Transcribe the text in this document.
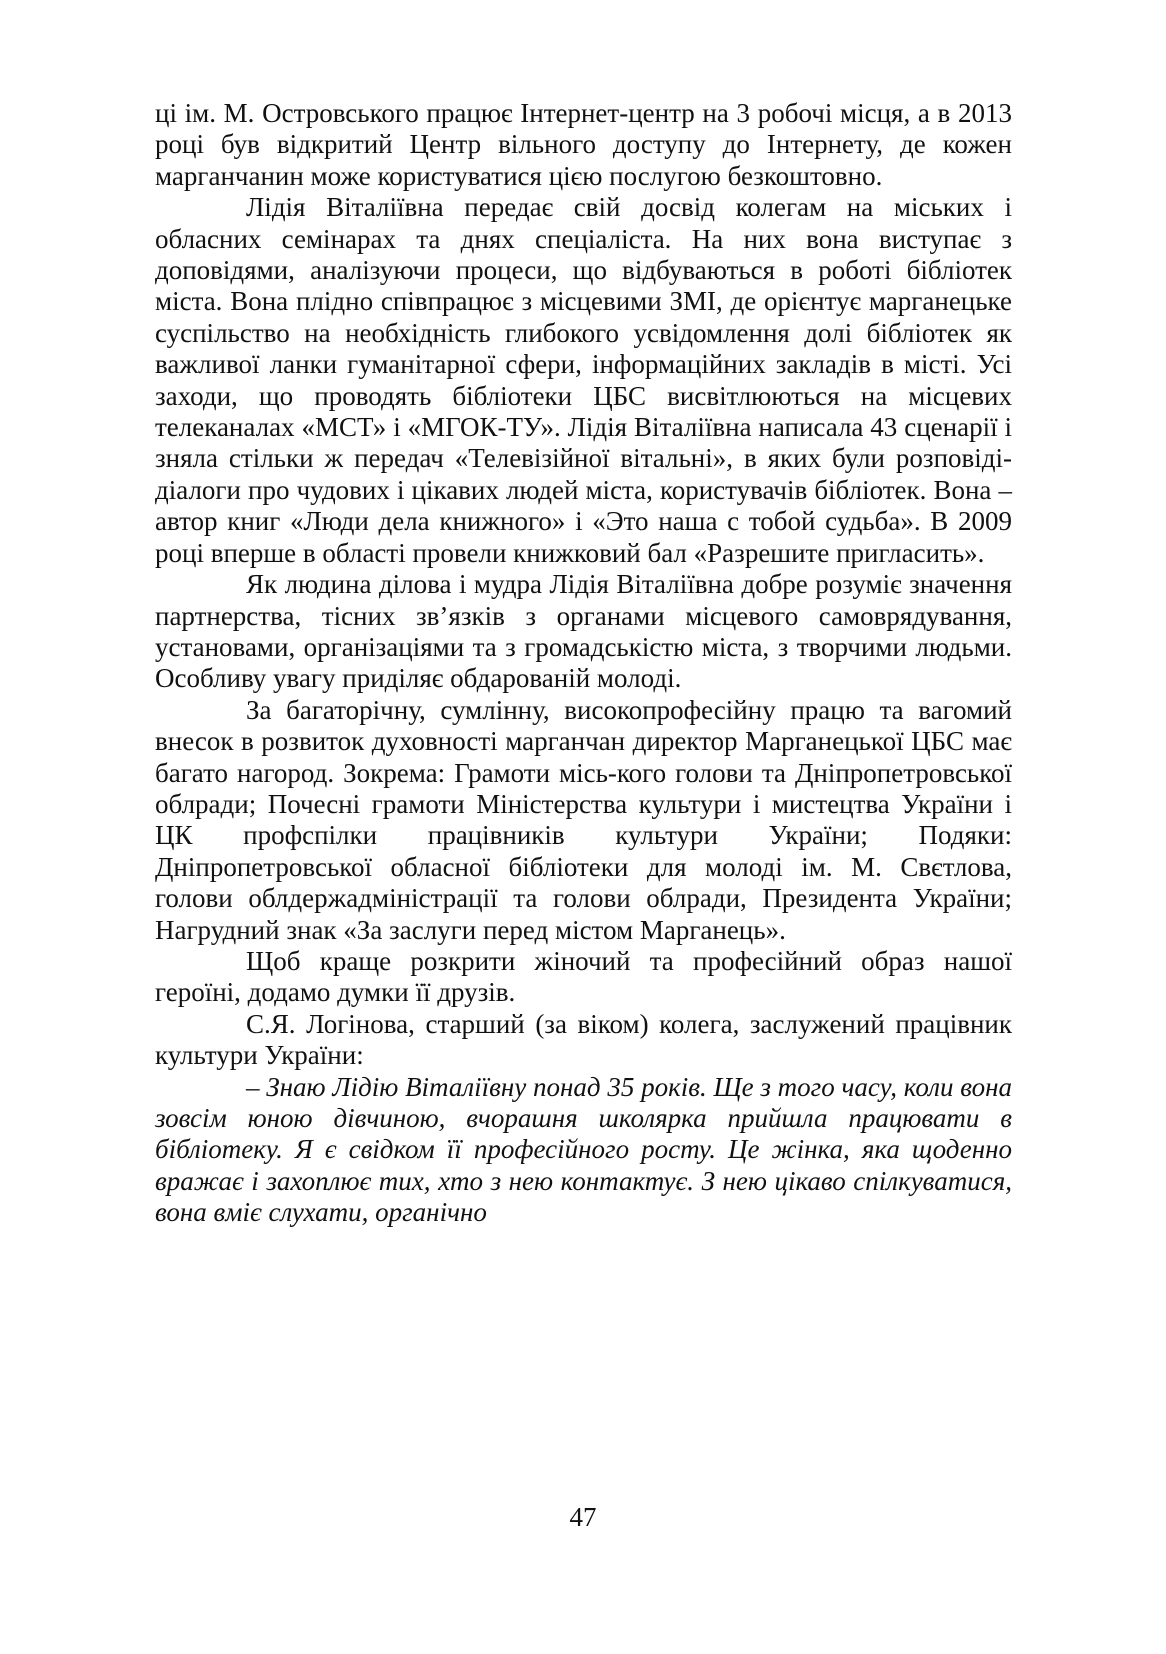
ці ім. М. Островського працює Інтернет-центр на 3 робочі місця, а в 2013 році був відкритий Центр вільного доступу до Інтернету, де кожен марганчанин може користуватися цією послугою безкоштовно.

Лідія Віталіївна передає свій досвід колегам на міських і обласних семінарах та днях спеціаліста. На них вона виступає з доповідями, аналізуючи процеси, що відбуваються в роботі бібліотек міста. Вона плідно співпрацює з місцевими ЗМІ, де орієнтує марганецьке суспільство на необхідність глибокого усвідомлення долі бібліотек як важливої ланки гуманітарної сфери, інформаційних закладів в місті. Усі заходи, що проводять бібліотеки ЦБС висвітлюються на місцевих телеканалах «МСТ» і «МГОК-ТУ». Лідія Віталіївна написала 43 сценарії і зняла стільки ж передач «Телевізійної вітальні», в яких були розповіді-діалоги про чудових і цікавих людей міста, користувачів бібліотек. Вона – автор книг «Люди дела книжного» і «Это наша с тобой судьба». В 2009 році вперше в області провели книжковий бал «Разрешите пригласить».

Як людина ділова і мудра Лідія Віталіївна добре розуміє значення партнерства, тісних зв’язків з органами місцевого самоврядування, установами, організаціями та з громадськістю міста, з творчими людьми. Особливу увагу приділяє обдарованій молоді.

За багаторічну, сумлінну, високопрофесійну працю та вагомий внесок в розвиток духовності марганчан директор Марганецької ЦБС має багато нагород. Зокрема: Грамоти місь-кого голови та Дніпропетровської облради; Почесні грамоти Міністерства культури і мистецтва України і ЦК профспілки працівників культури України; Подяки: Дніпропетровської обласної бібліотеки для молоді ім. М. Свєтлова, голови облдержадміністрації та голови облради, Президента України; Нагрудний знак «За заслуги перед містом Марганець».

Щоб краще розкрити жіночий та професійний образ нашої героїні, додамо думки її друзів.

С.Я. Логінова, старший (за віком) колега, заслужений працівник культури України:

– Знаю Лідію Віталіївну понад 35 років. Ще з того часу, коли вона зовсім юною дівчиною, вчорашня школярка прийшла працювати в бібліотеку. Я є свідком її професійного росту. Це жінка, яка щоденно вражає і захоплює тих, хто з нею контактує. З нею цікаво спілкуватися, вона вміє слухати, органічно

47
